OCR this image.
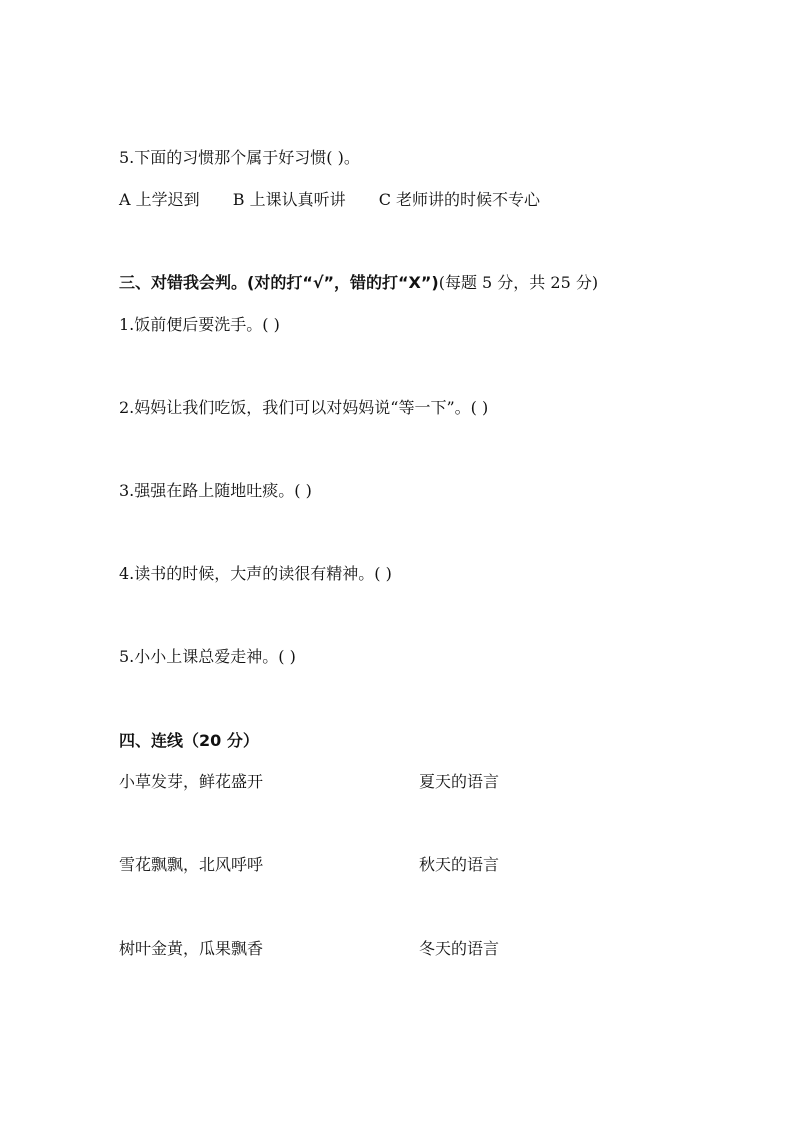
5.下面的习惯那个属于好习惯( )。
A 上学迟到 B 上课认真听讲 C 老师讲的时候不专心
三、对错我会判。(对的打“√”，错的打“X”)(每题 5 分，共 25 分)
1.饭前便后要洗手。( )
2.妈妈让我们吃饭，我们可以对妈妈说“等一下”。( )
3.强强在路上随地吐痰。( )
4.读书的时候，大声的读很有精神。( )
5.小小上课总爱走神。( )
四、连线（20 分）
小草发芽，鲜花盛开	夏天的语言
雪花飘飘，北风呼呼	秋天的语言
树叶金黄，瓜果飘香	冬天的语言
